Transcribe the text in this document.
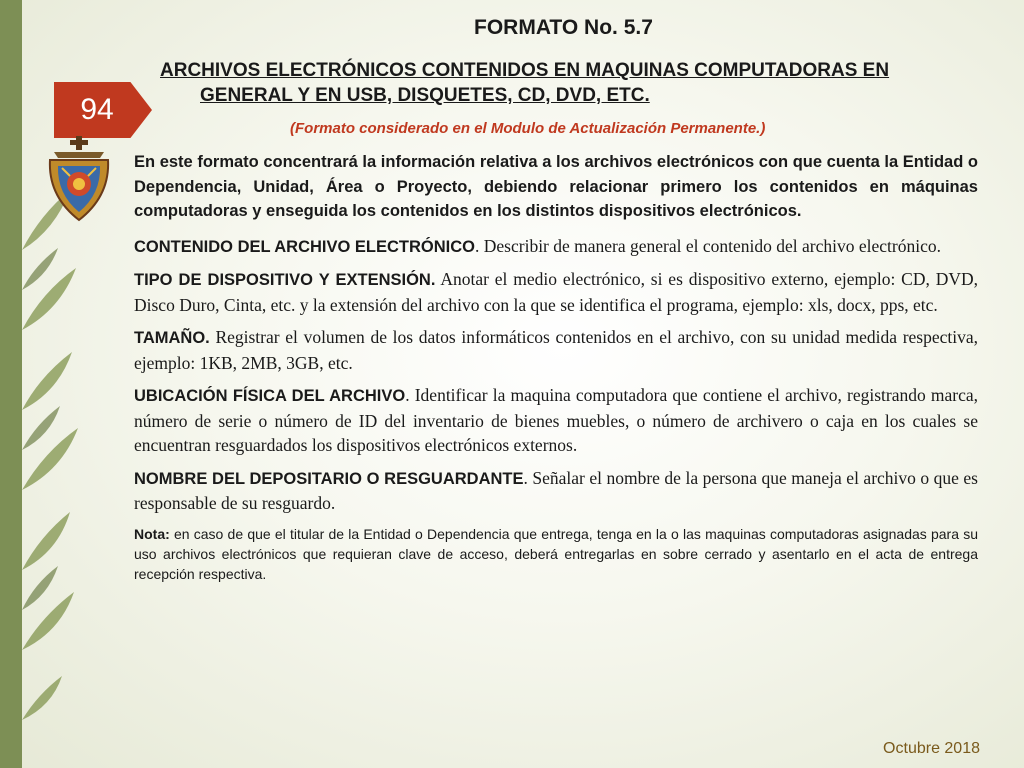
94
FORMATO No. 5.7
ARCHIVOS ELECTRÓNICOS CONTENIDOS EN MAQUINAS COMPUTADORAS EN
GENERAL Y EN USB, DISQUETES, CD, DVD, ETC.
(Formato considerado en el Modulo de Actualización Permanente.)

En este formato concentrará la información relativa a los archivos electrónicos con que cuenta la Entidad o Dependencia, Unidad, Área o Proyecto, debiendo relacionar primero los contenidos en máquinas computadoras y enseguida los contenidos en los distintos dispositivos electrónicos.

CONTENIDO DEL ARCHIVO ELECTRÓNICO. Describir de manera general el contenido del archivo electrónico.

TIPO DE DISPOSITIVO Y EXTENSIÓN. Anotar el medio electrónico, si es dispositivo externo, ejemplo: CD, DVD, Disco Duro, Cinta, etc. y la extensión del archivo con la que se identifica el programa, ejemplo: xls, docx, pps, etc.

TAMAÑO. Registrar el volumen de los datos informáticos contenidos en el archivo, con su unidad medida respectiva, ejemplo: 1KB, 2MB, 3GB, etc.

UBICACIÓN FÍSICA DEL ARCHIVO. Identificar la maquina computadora que contiene el archivo, registrando marca, número de serie o número de ID del inventario de bienes muebles, o número de archivero o caja en los cuales se encuentran resguardados los dispositivos electrónicos externos.

NOMBRE DEL DEPOSITARIO O RESGUARDANTE. Señalar el nombre de la persona que maneja el archivo o que es responsable de su resguardo.

Nota: en caso de que el titular de la Entidad o Dependencia que entrega, tenga en la o las maquinas computadoras asignadas para su uso archivos electrónicos que requieran clave de acceso, deberá entregarlas en sobre cerrado y asentarlo en el acta de entrega recepción respectiva.

Octubre 2018
